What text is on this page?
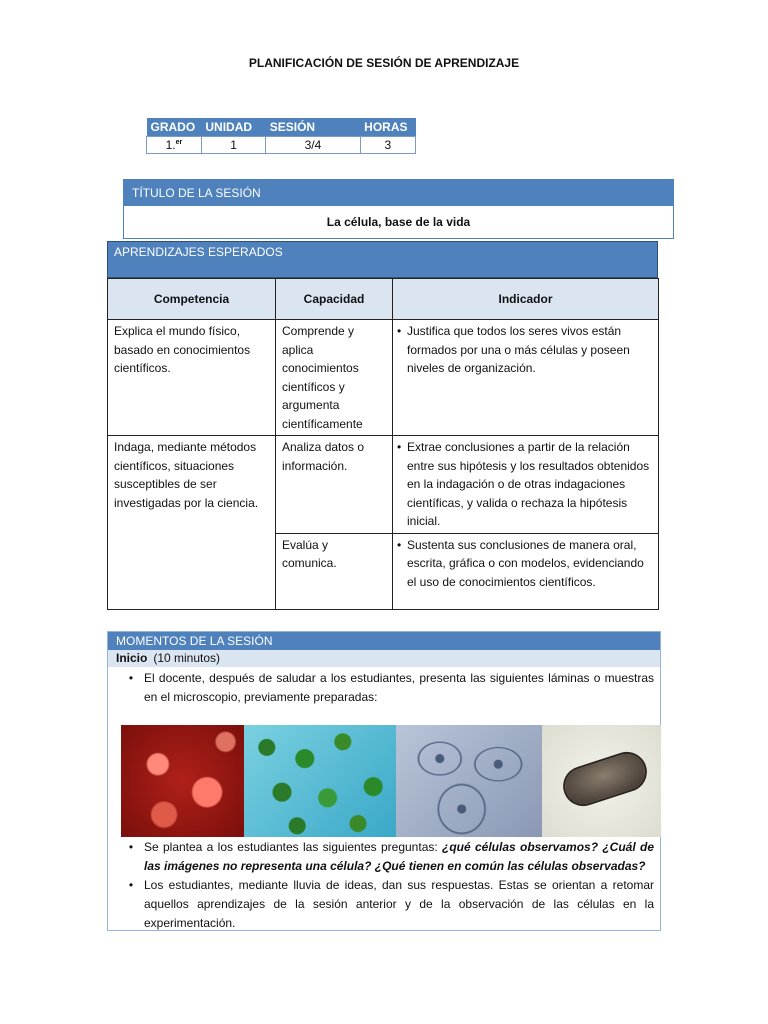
PLANIFICACIÓN DE SESIÓN DE APRENDIZAJE
GRADO	UNIDAD	SESIÓN	HORAS
1.$^{er}$	1	3/4	3
TÍTULO DE LA SESIÓN
La célula, base de la vida
APRENDIZAJES ESPERADOS
Competencia	Capacidad	Indicador
Explica el mundo físico, basado en conocimientos científicos.	Comprende y aplica conocimientos científicos y argumenta científicamente	• Justifica que todos los seres vivos están formados por una o más células y poseen niveles de organización.

Indaga, mediante métodos científicos, situaciones susceptibles de ser investigadas por la ciencia.	Analiza datos o información.	• Extrae conclusiones a partir de la relación entre sus hipótesis y los resultados obtenidos en la indagación o de otras indagaciones científicas, y valida o rechaza la hipótesis inicial.

	Evalúa y comunica.	• Sustenta sus conclusiones de manera oral, escrita, gráfica o con modelos, evidenciando el uso de conocimientos científicos.
MOMENTOS DE LA SESIÓN
Inicio (10 minutos)
• El docente, después de saludar a los estudiantes, presenta las siguientes láminas o muestras en el microscopio, previamente preparadas:
• Se plantea a los estudiantes las siguientes preguntas: ¿qué células observamos? ¿Cuál de las imágenes no representa una célula? ¿Qué tienen en común las células observadas?
• Los estudiantes, mediante lluvia de ideas, dan sus respuestas. Estas se orientan a retomar aquellos aprendizajes de la sesión anterior y de la observación de las células en la experimentación.
